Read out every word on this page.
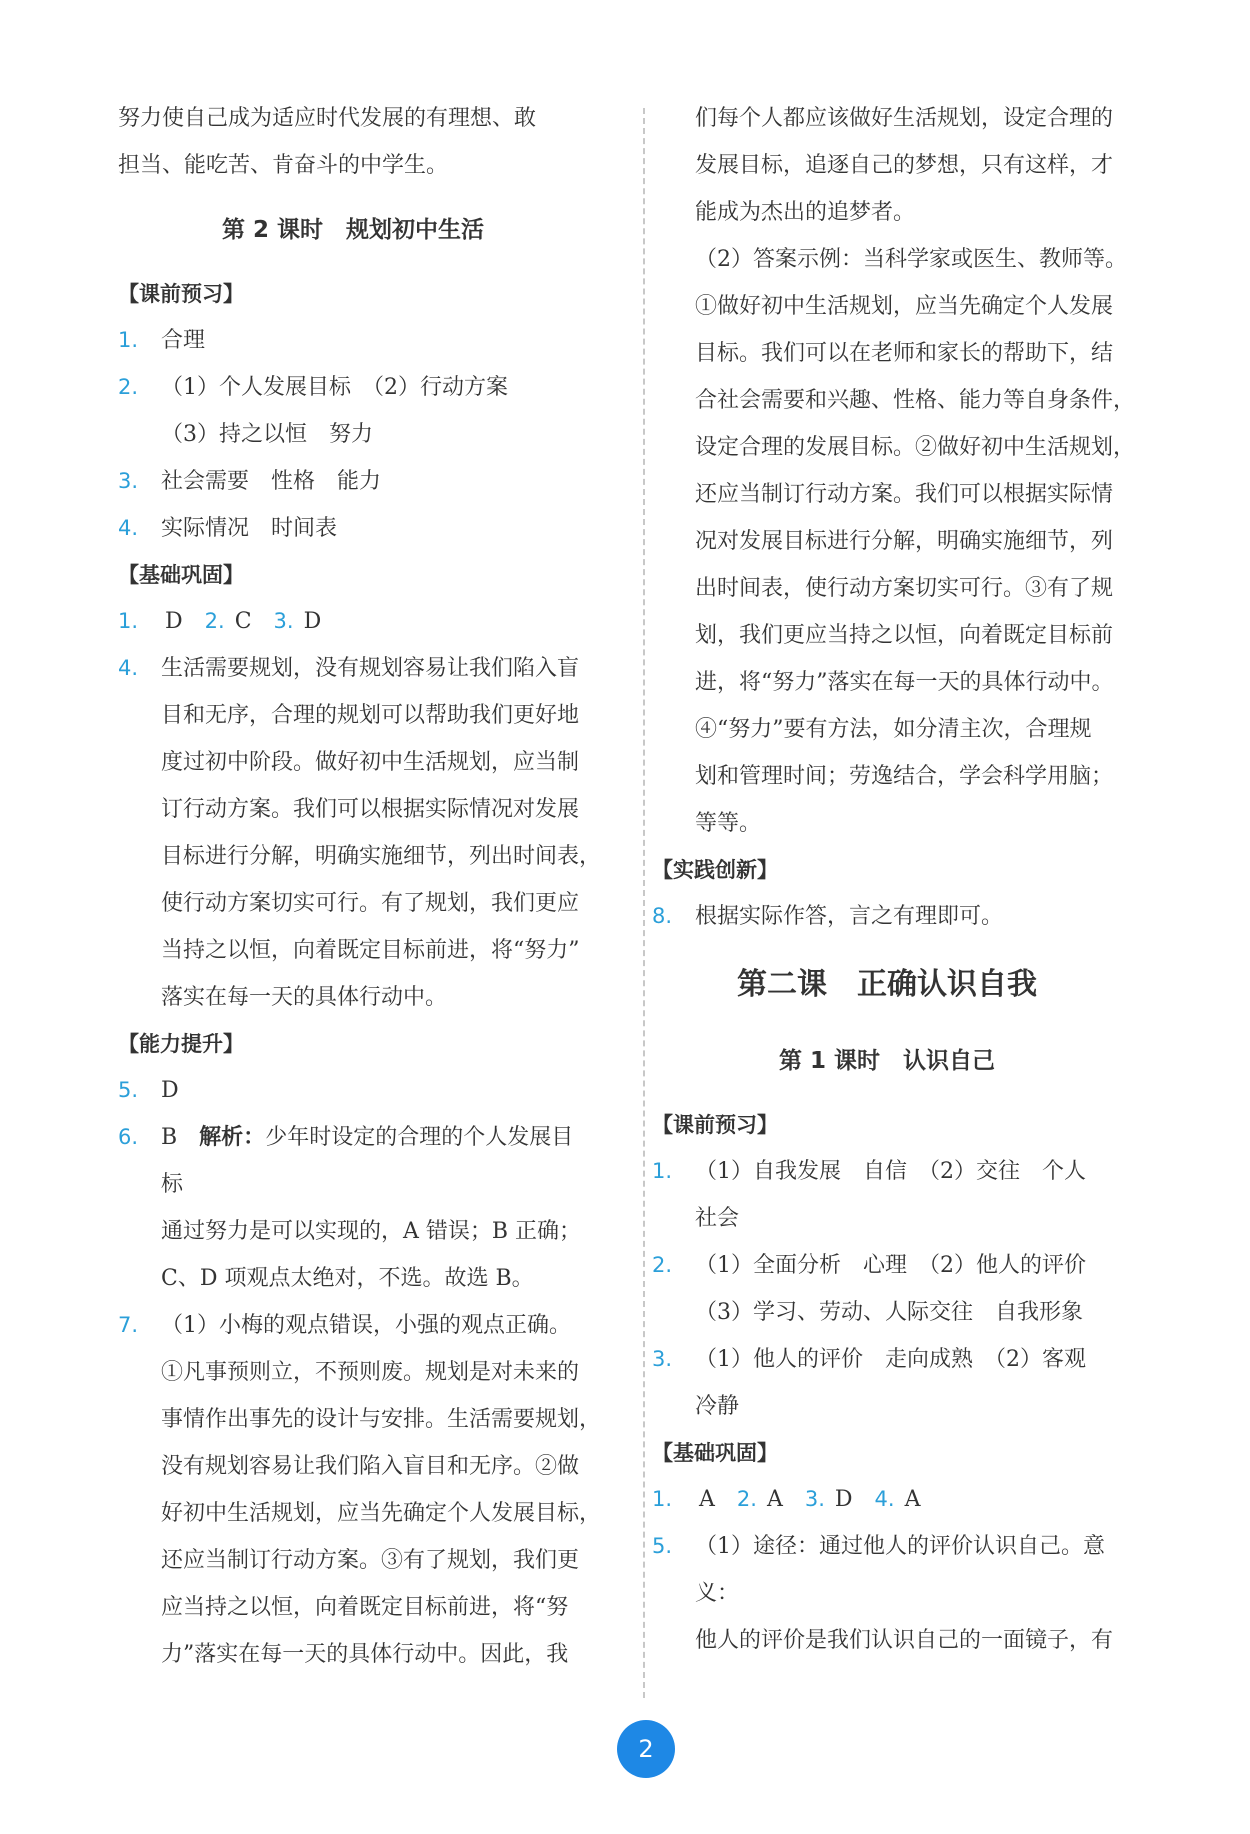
努力使自己成为适应时代发展的有理想、敢
担当、能吃苦、肯奋斗的中学生。
第 2 课时　规划初中生活
【课前预习】
1.	合理
2.	（1）个人发展目标　（2）行动方案
（3）持之以恒　努力
3.	社会需要　性格　能力
4.	实际情况　时间表
【基础巩固】
1.	D 2. C 3. D
4.	生活需要规划，没有规划容易让我们陷入盲
目和无序，合理的规划可以帮助我们更好地
度过初中阶段。做好初中生活规划，应当制
订行动方案。我们可以根据实际情况对发展
目标进行分解，明确实施细节，列出时间表，
使行动方案切实可行。有了规划，我们更应
当持之以恒，向着既定目标前进，将“努力”
落实在每一天的具体行动中。
【能力提升】
5.	D
6.	B　解析：少年时设定的合理的个人发展目标
通过努力是可以实现的，A 错误；B 正确；
C、D 项观点太绝对，不选。故选 B。
7.	（1）小梅的观点错误，小强的观点正确。
①凡事预则立，不预则废。规划是对未来的
事情作出事先的设计与安排。生活需要规划，
没有规划容易让我们陷入盲目和无序。②做
好初中生活规划，应当先确定个人发展目标，
还应当制订行动方案。③有了规划，我们更
应当持之以恒，向着既定目标前进，将“努
力”落实在每一天的具体行动中。因此，我
们每个人都应该做好生活规划，设定合理的
发展目标，追逐自己的梦想，只有这样，才
能成为杰出的追梦者。
（2）答案示例：当科学家或医生、教师等。
①做好初中生活规划，应当先确定个人发展
目标。我们可以在老师和家长的帮助下，结
合社会需要和兴趣、性格、能力等自身条件，
设定合理的发展目标。②做好初中生活规划，
还应当制订行动方案。我们可以根据实际情
况对发展目标进行分解，明确实施细节，列
出时间表，使行动方案切实可行。③有了规
划，我们更应当持之以恒，向着既定目标前
进，将“努力”落实在每一天的具体行动中。
④“努力”要有方法，如分清主次，合理规
划和管理时间；劳逸结合，学会科学用脑；
等等。
【实践创新】
8.	根据实际作答，言之有理即可。
第二课　正确认识自我
第 1 课时　认识自己
【课前预习】
1.	（1）自我发展　自信　（2）交往　个人
社会
2.	（1）全面分析　心理　（2）他人的评价
（3）学习、劳动、人际交往　自我形象
3.	（1）他人的评价　走向成熟　（2）客观
冷静
【基础巩固】
1.	A 2. A 3. D 4. A
5.	（1）途径：通过他人的评价认识自己。意义：
他人的评价是我们认识自己的一面镜子，有
2
